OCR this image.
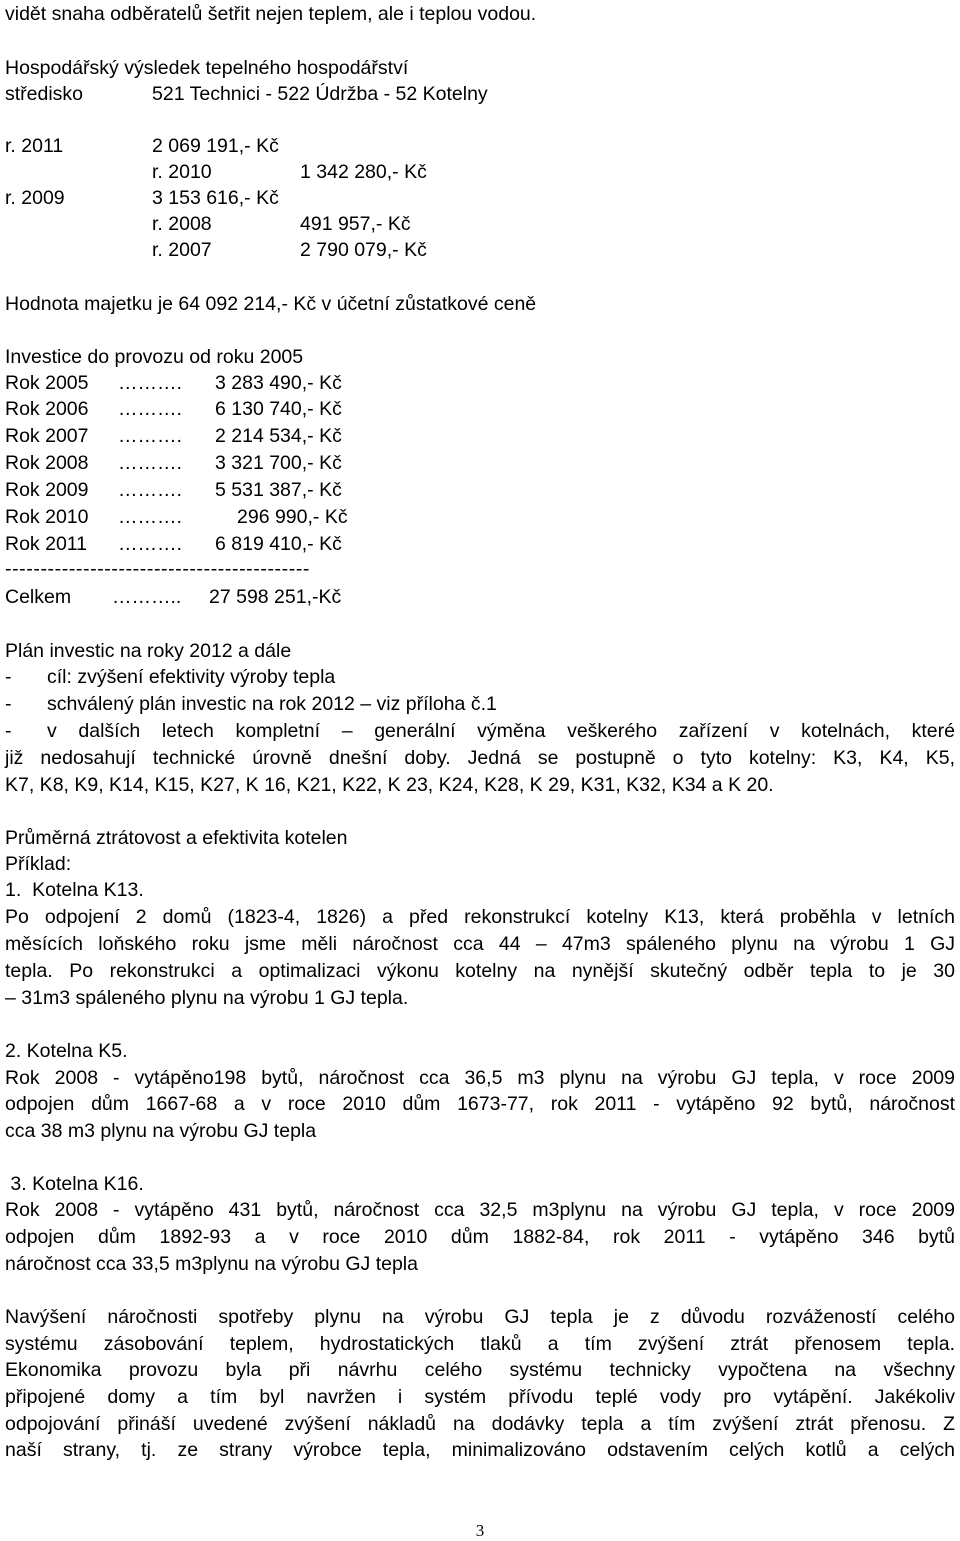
vidět snaha odběratelů šetřit nejen teplem, ale i teplou vodou.
Hospodářský výsledek tepelného hospodářství
středisko	521 Technici - 522 Údržba - 52 Kotelny
r. 2011	2 069 191,- Kč
r. 2010	1 342 280,- Kč
r. 2009	3 153 616,- Kč
r. 2008	491 957,- Kč
r. 2007	2 790 079,- Kč
Hodnota majetku je 64 092 214,- Kč v účetní zůstatkové ceně
Investice do provozu od roku 2005
Rok 2005 ………. 3 283 490,- Kč
Rok 2006 ………. 6 130 740,- Kč
Rok 2007 ………. 2 214 534,- Kč
Rok 2008 ………. 3 321 700,- Kč
Rok 2009 ………. 5 531 387,- Kč
Rok 2010 ……….	296 990,- Kč
Rok 2011 ………. 6 819 410,- Kč
-------------------------------------------
Celkem ……….. 27 598 251,-Kč
Plán investic na roky 2012 a dále
- cíl: zvýšení efektivity výroby tepla
- schválený plán investic na rok 2012 – viz příloha č.1
- v dalších letech kompletní – generální výměna veškerého zařízení v kotelnách, které
již nedosahují technické úrovně dnešní doby. Jedná se postupně o tyto kotelny: K3, K4, K5,
K7, K8, K9, K14, K15, K27, K 16, K21, K22, K 23, K24, K28, K 29, K31, K32, K34 a K 20.
Průměrná ztrátovost a efektivita kotelen
Příklad:
1.  Kotelna K13.
Po odpojení 2 domů (1823-4, 1826) a před rekonstrukcí kotelny K13, která proběhla v letních
měsících loňského roku jsme měli náročnost cca 44 – 47m3 spáleného plynu na výrobu 1 GJ
tepla. Po rekonstrukci a optimalizaci výkonu kotelny na nynější skutečný odběr tepla to je 30
– 31m3 spáleného plynu na výrobu 1 GJ tepla.
2. Kotelna K5.
Rok 2008 - vytápěno198 bytů, náročnost cca 36,5 m3 plynu na výrobu GJ tepla, v roce 2009
odpojen dům 1667-68 a v roce 2010 dům 1673-77, rok 2011 - vytápěno 92 bytů, náročnost
cca 38 m3 plynu na výrobu GJ tepla
3. Kotelna K16.
Rok 2008 - vytápěno 431 bytů, náročnost cca 32,5 m3plynu na výrobu GJ tepla, v roce 2009
odpojen dům 1892-93 a v roce 2010 dům 1882-84, rok 2011 - vytápěno 346 bytů
náročnost cca 33,5 m3plynu na výrobu GJ tepla
Navýšení náročnosti spotřeby plynu na výrobu GJ tepla je z důvodu rozvážeností celého
systému zásobování teplem, hydrostatických tlaků a tím zvýšení ztrát přenosem tepla.
Ekonomika provozu byla při návrhu celého systému technicky vypočtena na všechny
připojené domy a tím byl navržen i systém přívodu teplé vody pro vytápění. Jakékoliv
odpojování přináší uvedené zvýšení nákladů na dodávky tepla a tím zvýšení ztrát přenosu. Z
naší strany, tj. ze strany výrobce tepla, minimalizováno odstavením celých kotlů a celých
3
